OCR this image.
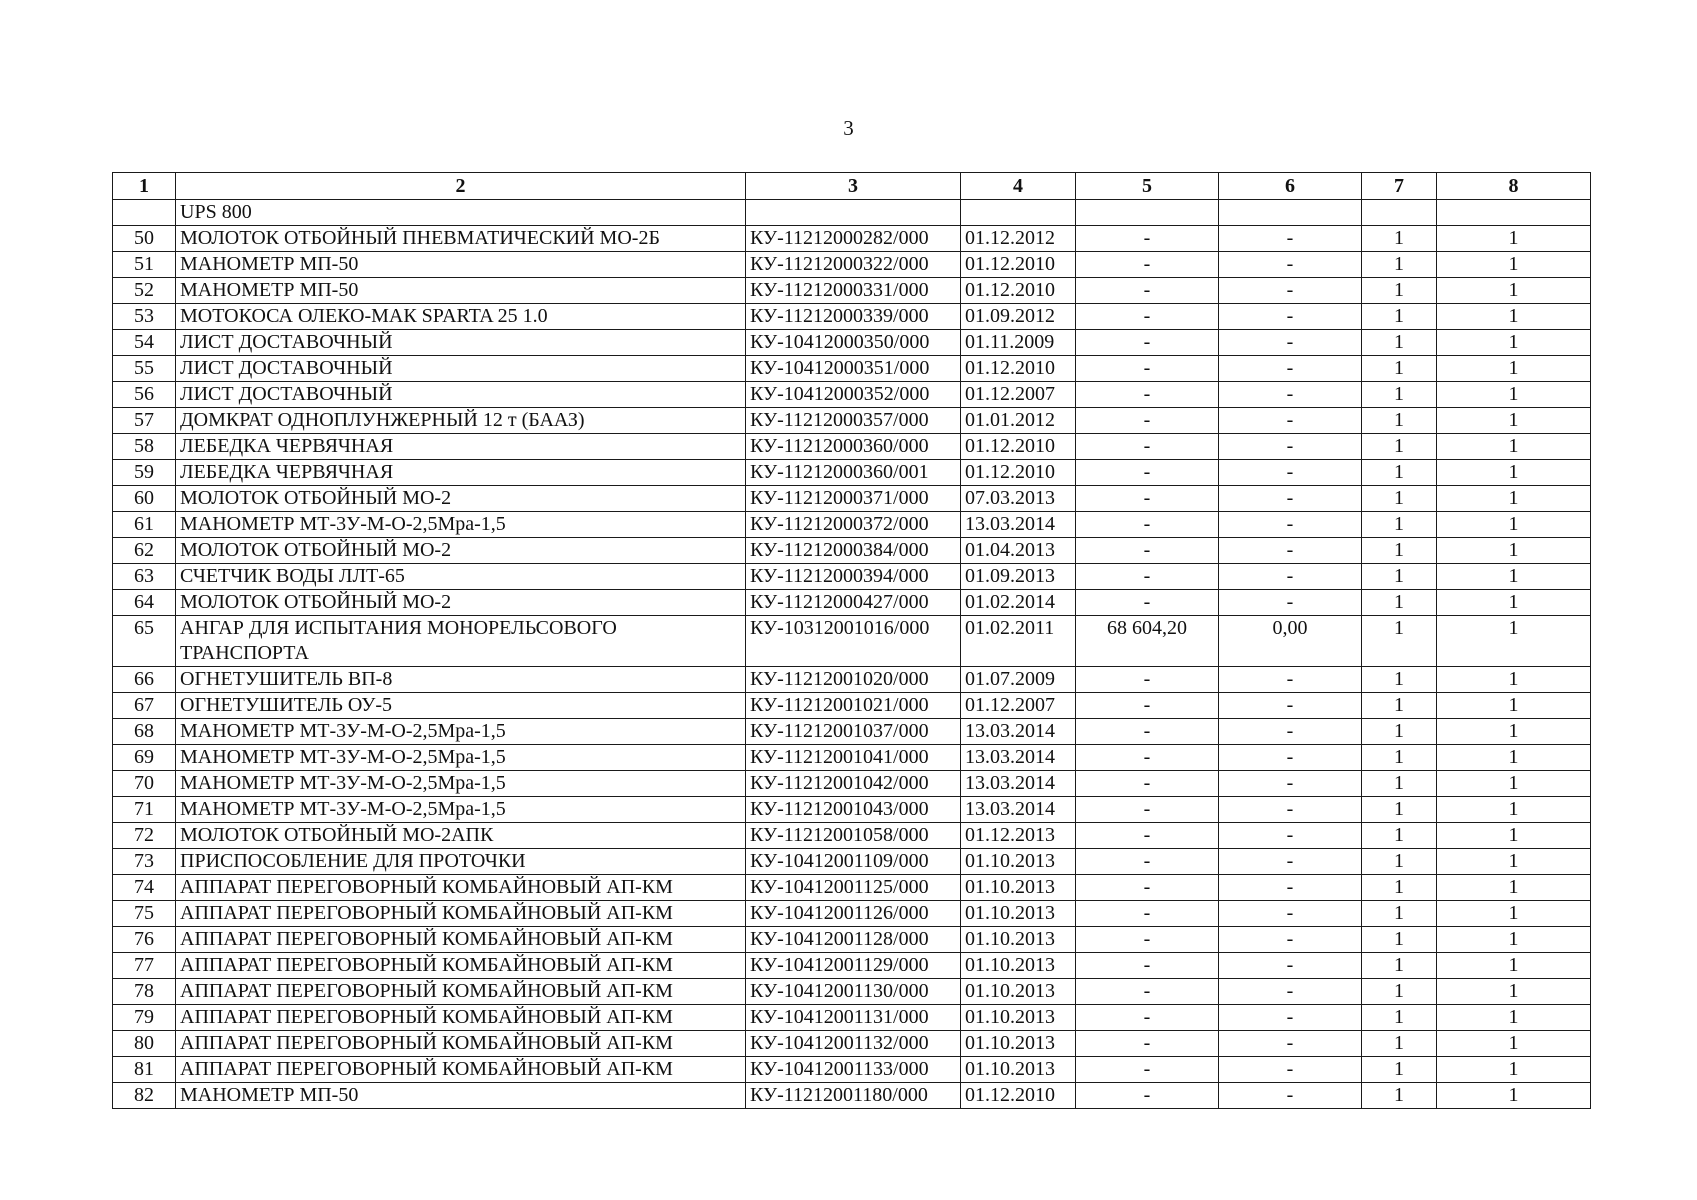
3
1	2	3	4	5	6	7	8
	UPS 800						
50	МОЛОТОК ОТБОЙНЫЙ ПНЕВМАТИЧЕСКИЙ МО-2Б	КУ-11212000282/000	01.12.2012	-	-	1	1
51	МАНОМЕТР МП-50	КУ-11212000322/000	01.12.2010	-	-	1	1
52	МАНОМЕТР МП-50	КУ-11212000331/000	01.12.2010	-	-	1	1
53	МОТОКОСА ОЛЕКО-МАК SPARTA 25 1.0	КУ-11212000339/000	01.09.2012	-	-	1	1
54	ЛИСТ ДОСТАВОЧНЫЙ	КУ-10412000350/000	01.11.2009	-	-	1	1
55	ЛИСТ ДОСТАВОЧНЫЙ	КУ-10412000351/000	01.12.2010	-	-	1	1
56	ЛИСТ ДОСТАВОЧНЫЙ	КУ-10412000352/000	01.12.2007	-	-	1	1
57	ДОМКРАТ ОДНОПЛУНЖЕРНЫЙ 12 т (БААЗ)	КУ-11212000357/000	01.01.2012	-	-	1	1
58	ЛЕБЕДКА ЧЕРВЯЧНАЯ	КУ-11212000360/000	01.12.2010	-	-	1	1
59	ЛЕБЕДКА ЧЕРВЯЧНАЯ	КУ-11212000360/001	01.12.2010	-	-	1	1
60	МОЛОТОК ОТБОЙНЫЙ МО-2	КУ-11212000371/000	07.03.2013	-	-	1	1
61	МАНОМЕТР МТ-3У-М-О-2,5Мра-1,5	КУ-11212000372/000	13.03.2014	-	-	1	1
62	МОЛОТОК ОТБОЙНЫЙ МО-2	КУ-11212000384/000	01.04.2013	-	-	1	1
63	СЧЕТЧИК ВОДЫ ЛЛТ-65	КУ-11212000394/000	01.09.2013	-	-	1	1
64	МОЛОТОК ОТБОЙНЫЙ МО-2	КУ-11212000427/000	01.02.2014	-	-	1	1
65	АНГАР ДЛЯ ИСПЫТАНИЯ МОНОРЕЛЬСОВОГО ТРАНСПОРТА	КУ-10312001016/000	01.02.2011	68 604,20	0,00	1	1
66	ОГНЕТУШИТЕЛЬ ВП-8	КУ-11212001020/000	01.07.2009	-	-	1	1
67	ОГНЕТУШИТЕЛЬ ОУ-5	КУ-11212001021/000	01.12.2007	-	-	1	1
68	МАНОМЕТР МТ-3У-М-О-2,5Мра-1,5	КУ-11212001037/000	13.03.2014	-	-	1	1
69	МАНОМЕТР МТ-3У-М-О-2,5Мра-1,5	КУ-11212001041/000	13.03.2014	-	-	1	1
70	МАНОМЕТР МТ-3У-М-О-2,5Мра-1,5	КУ-11212001042/000	13.03.2014	-	-	1	1
71	МАНОМЕТР МТ-3У-М-О-2,5Мра-1,5	КУ-11212001043/000	13.03.2014	-	-	1	1
72	МОЛОТОК ОТБОЙНЫЙ МО-2АПК	КУ-11212001058/000	01.12.2013	-	-	1	1
73	ПРИСПОСОБЛЕНИЕ ДЛЯ ПРОТОЧКИ	КУ-10412001109/000	01.10.2013	-	-	1	1
74	АППАРАТ ПЕРЕГОВОРНЫЙ КОМБАЙНОВЫЙ АП-КМ	КУ-10412001125/000	01.10.2013	-	-	1	1
75	АППАРАТ ПЕРЕГОВОРНЫЙ КОМБАЙНОВЫЙ АП-КМ	КУ-10412001126/000	01.10.2013	-	-	1	1
76	АППАРАТ ПЕРЕГОВОРНЫЙ КОМБАЙНОВЫЙ АП-КМ	КУ-10412001128/000	01.10.2013	-	-	1	1
77	АППАРАТ ПЕРЕГОВОРНЫЙ КОМБАЙНОВЫЙ АП-КМ	КУ-10412001129/000	01.10.2013	-	-	1	1
78	АППАРАТ ПЕРЕГОВОРНЫЙ КОМБАЙНОВЫЙ АП-КМ	КУ-10412001130/000	01.10.2013	-	-	1	1
79	АППАРАТ ПЕРЕГОВОРНЫЙ КОМБАЙНОВЫЙ АП-КМ	КУ-10412001131/000	01.10.2013	-	-	1	1
80	АППАРАТ ПЕРЕГОВОРНЫЙ КОМБАЙНОВЫЙ АП-КМ	КУ-10412001132/000	01.10.2013	-	-	1	1
81	АППАРАТ ПЕРЕГОВОРНЫЙ КОМБАЙНОВЫЙ АП-КМ	КУ-10412001133/000	01.10.2013	-	-	1	1
82	МАНОМЕТР МП-50	КУ-11212001180/000	01.12.2010	-	-	1	1
